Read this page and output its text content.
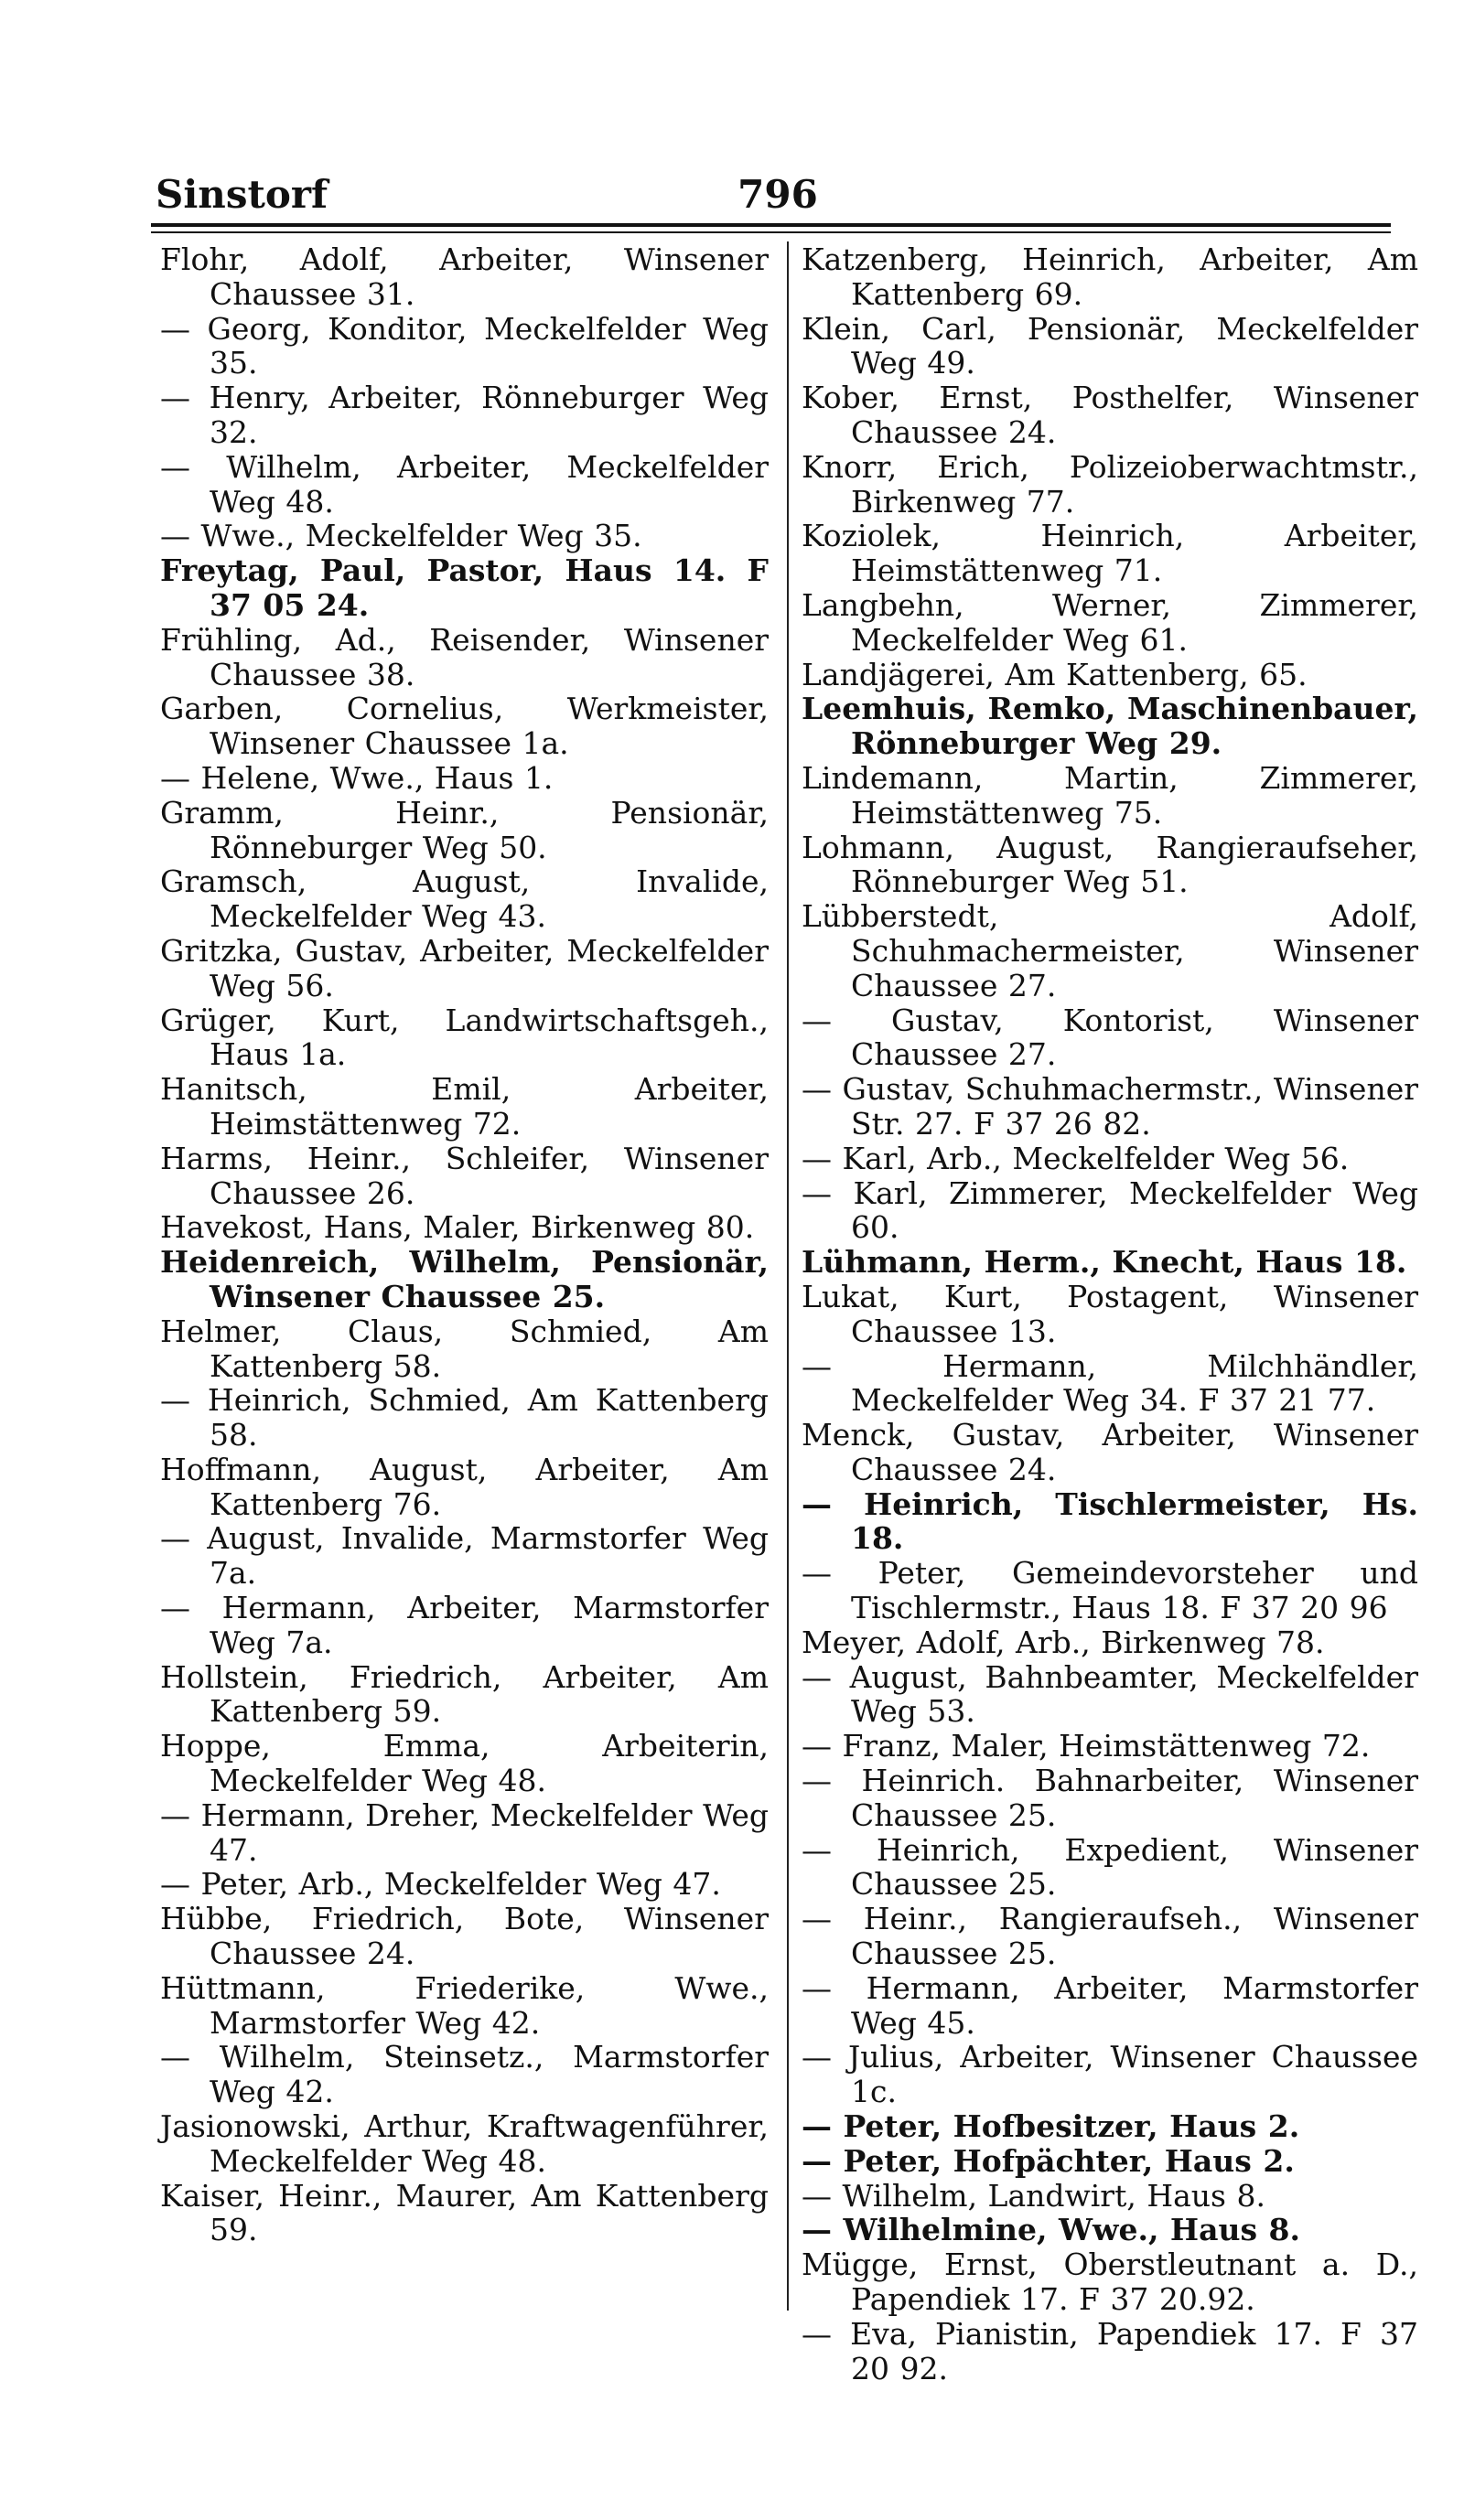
Sinstorf	796
Flohr, Adolf, Arbeiter, Winsener Chaussee 31.
— Georg, Konditor, Meckelfelder Weg 35.
— Henry, Arbeiter, Rönneburger Weg 32.
— Wilhelm, Arbeiter, Meckelfelder Weg 48.
— Wwe., Meckelfelder Weg 35.
Freytag, Paul, Pastor, Haus 14. F 37 05 24.
Frühling, Ad., Reisender, Winsener Chaussee 38.
Garben, Cornelius, Werkmeister, Winsener Chaussee 1a.
— Helene, Wwe., Haus 1.
Gramm, Heinr., Pensionär, Rönneburger Weg 50.
Gramsch, August, Invalide, Meckelfelder Weg 43.
Gritzka, Gustav, Arbeiter, Meckelfelder Weg 56.
Grüger, Kurt, Landwirtschaftsgeh., Haus 1a.
Hanitsch, Emil, Arbeiter, Heimstättenweg 72.
Harms, Heinr., Schleifer, Winsener Chaussee 26.
Havekost, Hans, Maler, Birkenweg 80.
Heidenreich, Wilhelm, Pensionär, Winsener Chaussee 25.
Helmer, Claus, Schmied, Am Kattenberg 58.
— Heinrich, Schmied, Am Kattenberg 58.
Hoffmann, August, Arbeiter, Am Kattenberg 76.
— August, Invalide, Marmstorfer Weg 7a.
— Hermann, Arbeiter, Marmstorfer Weg 7a.
Hollstein, Friedrich, Arbeiter, Am Kattenberg 59.
Hoppe, Emma, Arbeiterin, Meckelfelder Weg 48.
— Hermann, Dreher, Meckelfelder Weg 47.
— Peter, Arb., Meckelfelder Weg 47.
Hübbe, Friedrich, Bote, Winsener Chaussee 24.
Hüttmann, Friederike, Wwe., Marmstorfer Weg 42.
— Wilhelm, Steinsetz., Marmstorfer Weg 42.
Jasionowski, Arthur, Kraftwagenführer, Meckelfelder Weg 48.
Kaiser, Heinr., Maurer, Am Kattenberg 59.
Katzenberg, Heinrich, Arbeiter, Am Kattenberg 69.
Klein, Carl, Pensionär, Meckelfelder Weg 49.
Kober, Ernst, Posthelfer, Winsener Chaussee 24.
Knorr, Erich, Polizeioberwachtmstr., Birkenweg 77.
Koziolek, Heinrich, Arbeiter, Heimstättenweg 71.
Langbehn, Werner, Zimmerer, Meckelfelder Weg 61.
Landjägerei, Am Kattenberg, 65.
Leemhuis, Remko, Maschinenbauer, Rönneburger Weg 29.
Lindemann, Martin, Zimmerer, Heimstättenweg 75.
Lohmann, August, Rangieraufseher, Rönneburger Weg 51.
Lübberstedt, Adolf, Schuhmachermeister, Winsener Chaussee 27.
— Gustav, Kontorist, Winsener Chaussee 27.
— Gustav, Schuhmachermstr., Winsener Str. 27. F 37 26 82.
— Karl, Arb., Meckelfelder Weg 56.
— Karl, Zimmerer, Meckelfelder Weg 60.
Lühmann, Herm., Knecht, Haus 18.
Lukat, Kurt, Postagent, Winsener Chaussee 13.
— Hermann, Milchhändler, Meckelfelder Weg 34. F 37 21 77.
Menck, Gustav, Arbeiter, Winsener Chaussee 24.
— Heinrich, Tischlermeister, Hs. 18.
— Peter, Gemeindevorsteher und Tischlermstr., Haus 18. F 37 20 96
Meyer, Adolf, Arb., Birkenweg 78.
— August, Bahnbeamter, Meckelfelder Weg 53.
— Franz, Maler, Heimstättenweg 72.
— Heinrich. Bahnarbeiter, Winsener Chaussee 25.
— Heinrich, Expedient, Winsener Chaussee 25.
— Heinr., Rangieraufseh., Winsener Chaussee 25.
— Hermann, Arbeiter, Marmstorfer Weg 45.
— Julius, Arbeiter, Winsener Chaussee 1c.
— Peter, Hofbesitzer, Haus 2.
— Peter, Hofpächter, Haus 2.
— Wilhelm, Landwirt, Haus 8.
— Wilhelmine, Wwe., Haus 8.
Mügge, Ernst, Oberstleutnant a. D., Papendiek 17. F 37 20.92.
— Eva, Pianistin, Papendiek 17. F 37 20 92.
